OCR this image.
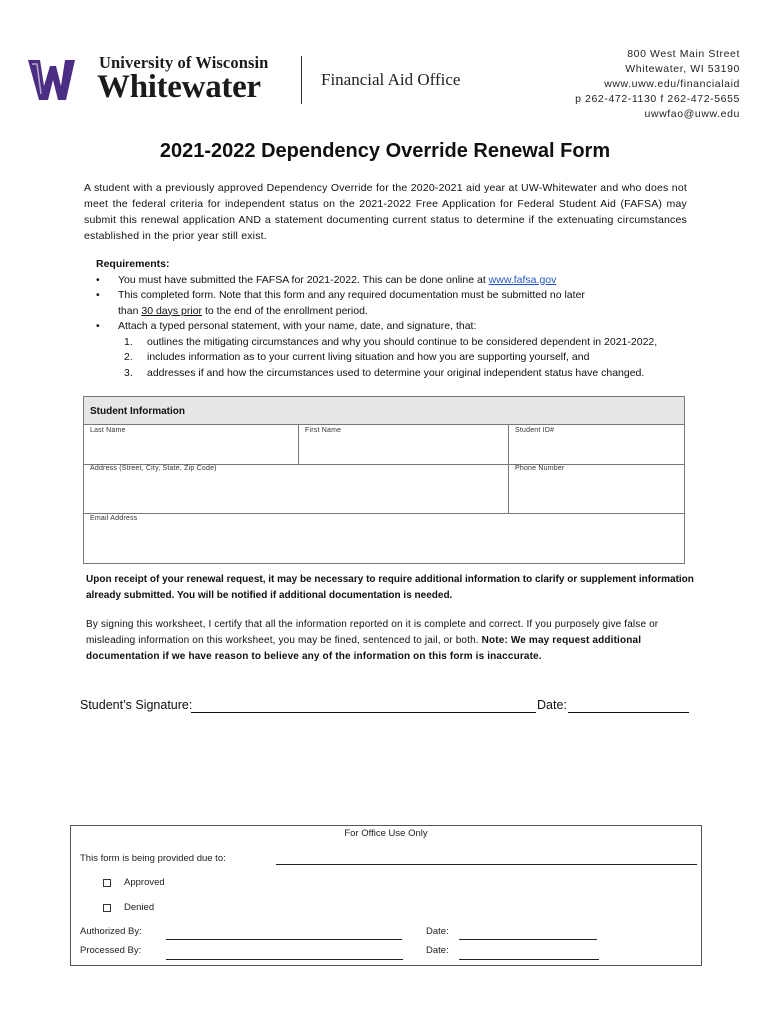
University of Wisconsin
Whitewater	Financial Aid Office
800 West Main Street
Whitewater, WI 53190
www.uww.edu/financialaid
p 262-472-1130 f 262-472-5655
uwwfao@uww.edu
2021-2022 Dependency Override Renewal Form
A student with a previously approved Dependency Override for the 2020-2021 aid year at UW-Whitewater and who does not meet the federal criteria for independent status on the 2021-2022 Free Application for Federal Student Aid (FAFSA) may submit this renewal application AND a statement documenting current status to determine if the extenuating circumstances established in the prior year still exist.
Requirements:
• You must have submitted the FAFSA for 2021-2022. This can be done online at www.fafsa.gov
• This completed form. Note that this form and any required documentation must be submitted no later
than 30 days prior to the end of the enrollment period.
• Attach a typed personal statement, with your name, date, and signature, that:
1. outlines the mitigating circumstances and why you should continue to be considered dependent in 2021-2022,
2. includes information as to your current living situation and how you are supporting yourself, and
3. addresses if and how the circumstances used to determine your original independent status have changed.
Student Information
Last Name	First Name	Student ID#
Address (Street, City, State, Zip Code)	Phone Number
Email Address
Upon receipt of your renewal request, it may be necessary to require additional information to clarify or supplement information already submitted. You will be notified if additional documentation is needed.
By signing this worksheet, I certify that all the information reported on it is complete and correct. If you purposely give false or misleading information on this worksheet, you may be fined, sentenced to jail, or both. Note: We may request additional documentation if we have reason to believe any of the information on this form is inaccurate.
Student’s Signature:	Date:
For Office Use Only
This form is being provided due to:
Approved
Denied
Authorized By:	Date:
Processed By:	Date:
